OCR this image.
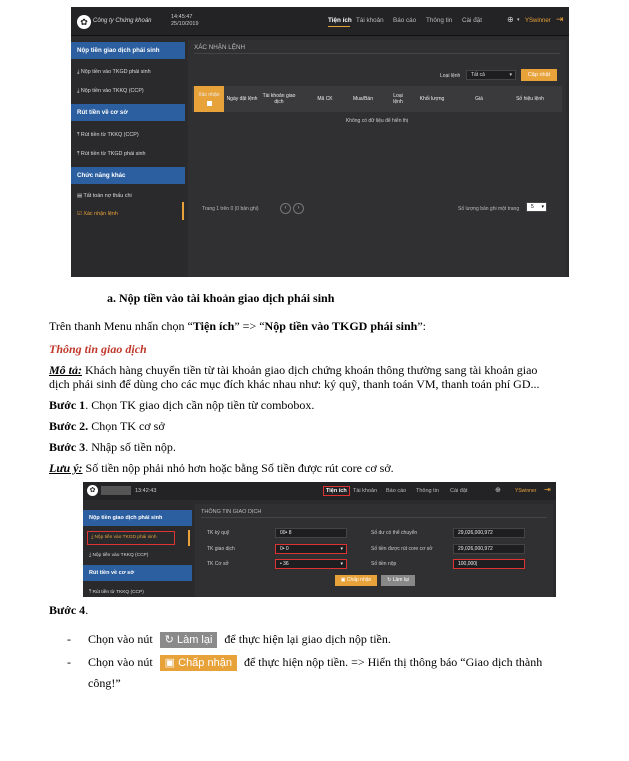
✿ Công ty Chứng khoán
14:45:47
25/10/2019	Tiện ích Tài khoản Báo cáo Thông tin Cài đặt	⊕ ▾ YSwinner ⇥
Nộp tiền giao dịch phái sinh
⤓ Nộp tiền vào TKGD phái sinh
⤓ Nộp tiền vào TKKQ (CCP)
Rút tiền về cơ sở
⤒ Rút tiền từ TKKQ (CCP)
⤒ Rút tiền từ TKGD phái sinh
Chức năng khác
▤ Tất toán nợ thấu chi
☑ Xác nhận lệnh
XÁC NHẬN LỆNH
Loại lệnh	Tất cả	▾	Cập nhật
Xác nhận
Ngày đặt lệnh	Tài khoản giao dịch	Mã CK	Mua/Bán	Loại lệnh	Khối lượng	Giá	Số hiệu lệnh
Không có dữ liệu để hiển thị
Trang 1 trên 0 (0 bản ghi)	‹	›	Số lượng bản ghi một trang	5 ▾
a. Nộp tiền vào tài khoản giao dịch phái sinh
Trên thanh Menu nhấn chọn “Tiện ích” => “Nộp tiền vào TKGD phái sinh”:
Thông tin giao dịch
Mô tả: Khách hàng chuyển tiền từ tài khoản giao dịch chứng khoán thông thường sang tài khoản giao
dịch phái sinh để dùng cho các mục đích khác nhau như: ký quỹ, thanh toán VM, thanh toán phí GD...
Bước 1. Chọn TK giao dịch cần nộp tiền từ combobox.
Bước 2. Chọn TK cơ sở
Bước 3. Nhập số tiền nộp.
Lưu ý: Số tiền nộp phải nhỏ hơn hoặc bằng Số tiền được rút core cơ sở.
✿	13:42:43	Tiện ích	Tài khoản Báo cáo Thông tin Cài đặt	⊕	YSwinner ⇥
Nộp tiền giao dịch phái sinh
⤓ Nộp tiền vào TKGD phái sinh
⤓ Nộp tiền vào TKKQ (CCP)
Rút tiền về cơ sở
⤒ Rút tiền từ TKKQ (CCP)
THÔNG TIN GIAO DỊCH
TK ký quỹ	00• 8
TK giao dịch	0• 0	▾
TK Cơ sở	• 36	▾
Số dư có thể chuyển	29,026,000,972
Số tiền được rút core cơ sở	29,026,000,972
Số tiền nộp	100,000|
▣ Chấp nhận	↻ Làm lại
Bước 4.
- Chọn vào nút ↻ Làm lại để thực hiện lại giao dịch nộp tiền.
- Chọn vào nút ▣ Chấp nhận để thực hiện nộp tiền. => Hiển thị thông báo “Giao dịch thành
công!”
